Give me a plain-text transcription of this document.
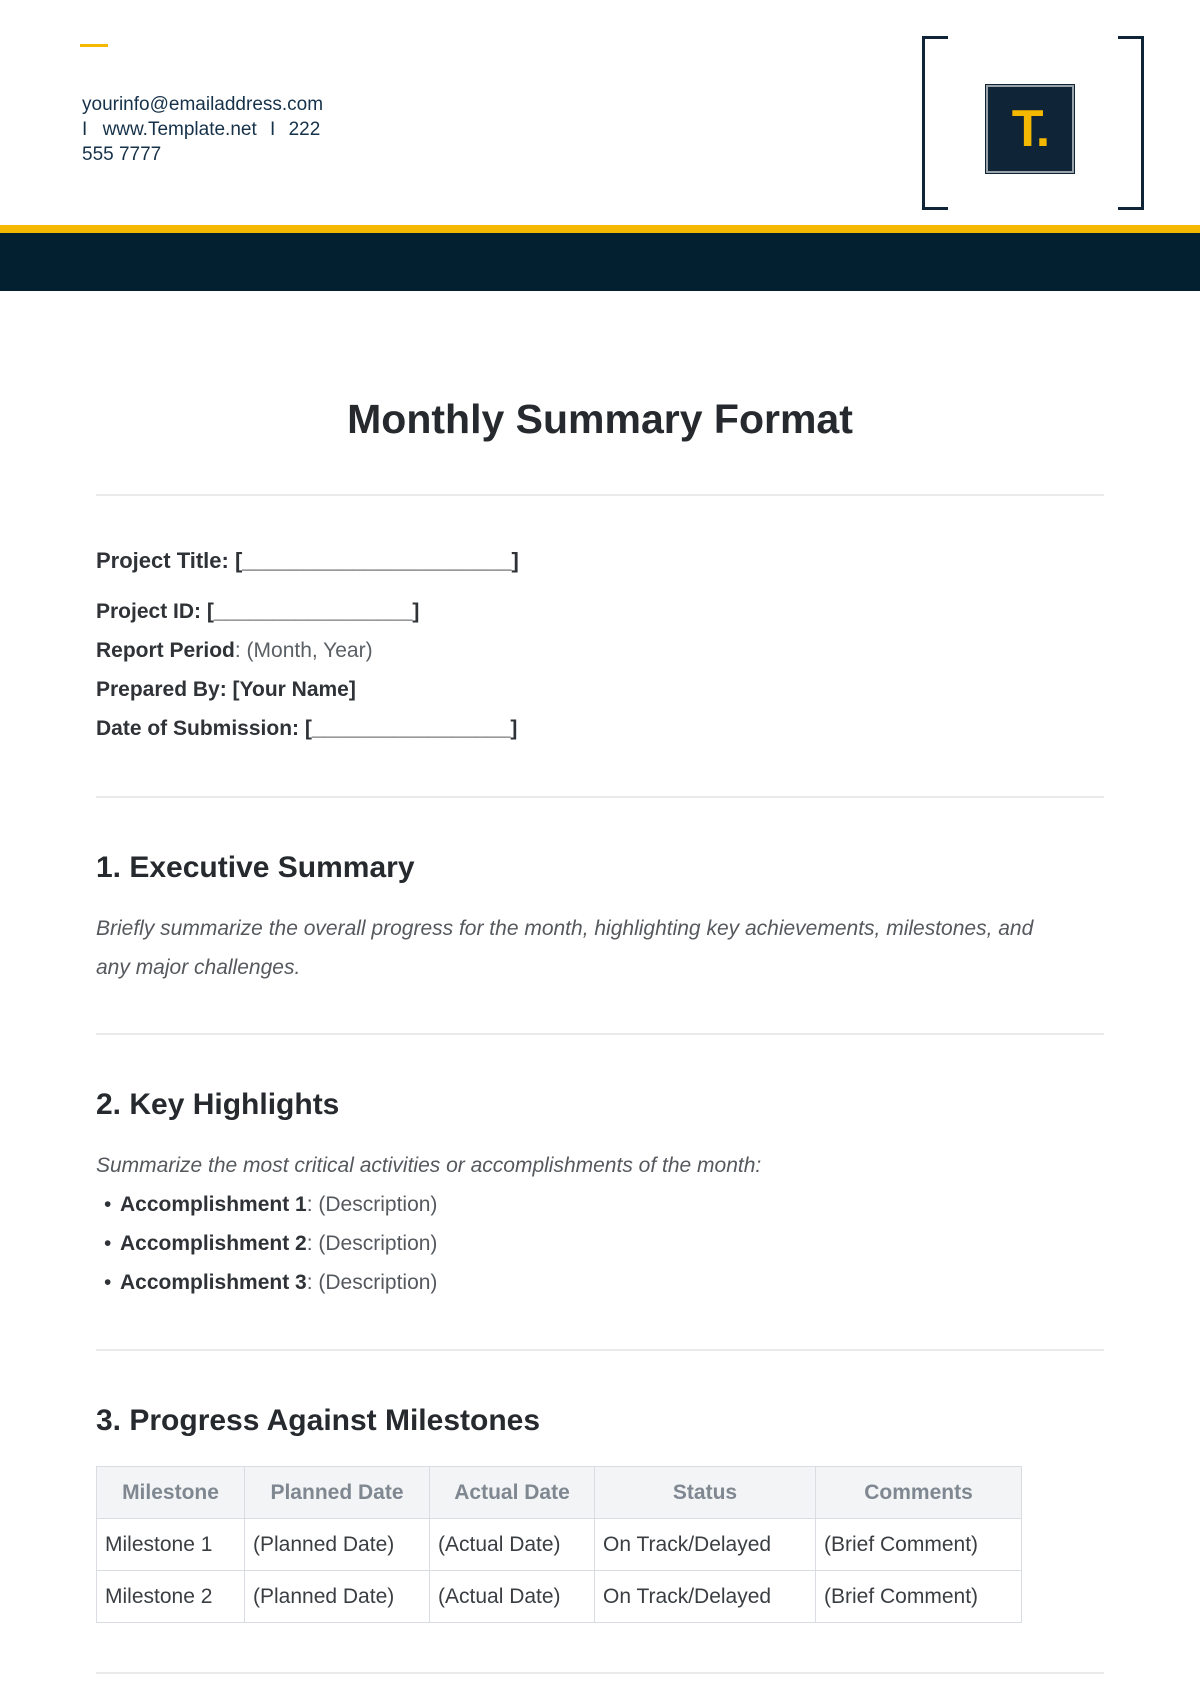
yourinfo@emailaddress.com
I www.Template.net I 222
555 7777	T.
Monthly Summary Format
Project Title: [______________________]
Project ID: [_________________]
Report Period: (Month, Year)
Prepared By: [Your Name]
Date of Submission: [_________________]
1. Executive Summary

Briefly summarize the overall progress for the month, highlighting key achievements, milestones, and any major challenges.

2. Key Highlights

Summarize the most critical activities or accomplishments of the month:

• Accomplishment 1: (Description)
• Accomplishment 2: (Description)
• Accomplishment 3: (Description)
3. Progress Against Milestones
Milestone	Planned Date	Actual Date	Status	Comments
Milestone 1	(Planned Date)	(Actual Date)	On Track/Delayed	(Brief Comment)
Milestone 2	(Planned Date)	(Actual Date)	On Track/Delayed	(Brief Comment)
